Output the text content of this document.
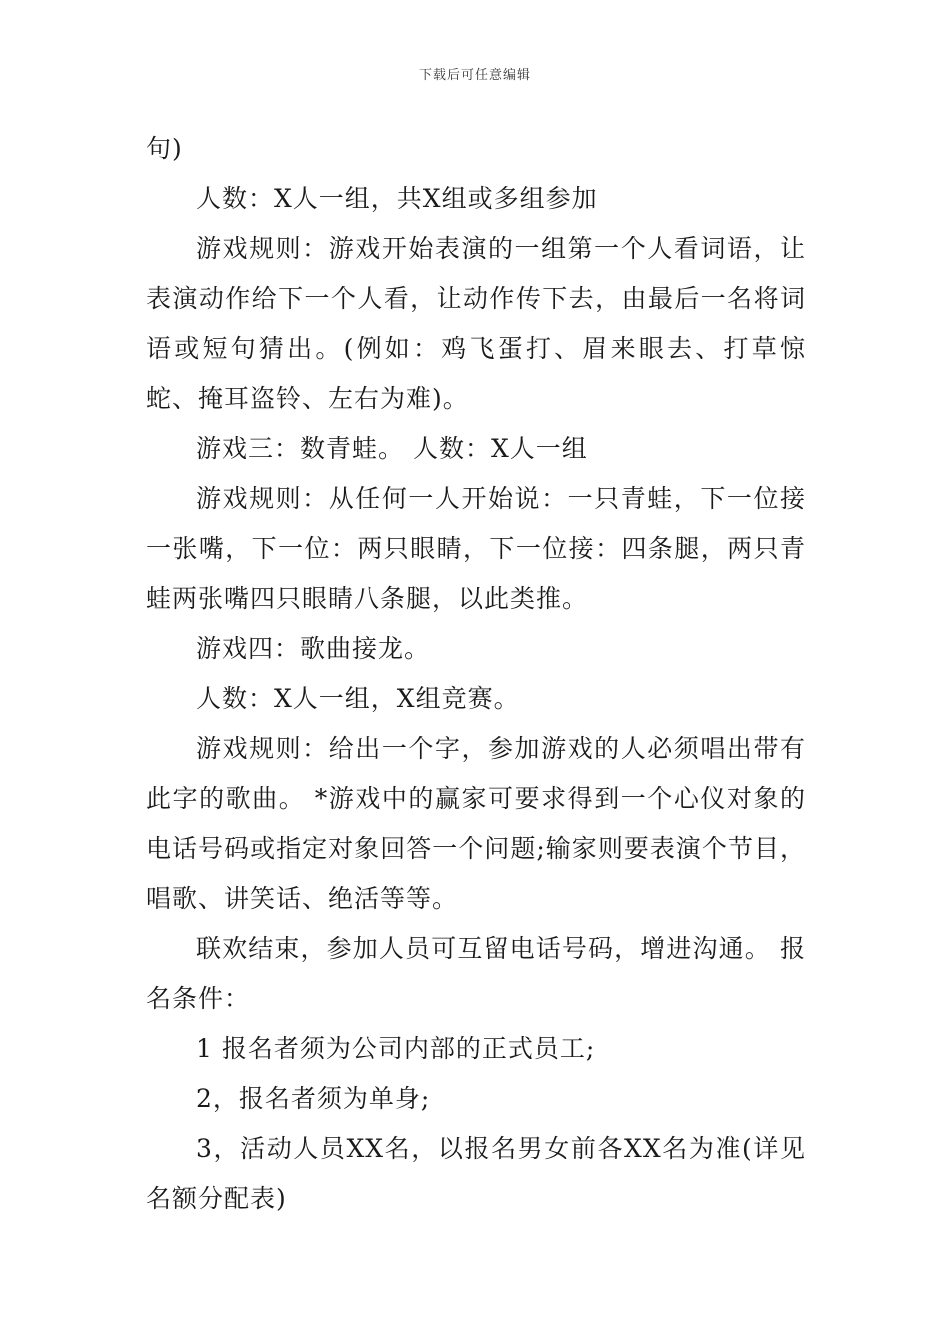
下载后可任意编辑

句)

人数：X人一组，共X组或多组参加

游戏规则：游戏开始表演的一组第一个人看词语，让表演动作给下一个人看，让动作传下去，由最后一名将词语或短句猜出。(例如：鸡飞蛋打、眉来眼去、打草惊蛇、掩耳盗铃、左右为难)。

游戏三：数青蛙。 人数：X人一组

游戏规则：从任何一人开始说：一只青蛙，下一位接一张嘴，下一位：两只眼睛，下一位接：四条腿，两只青蛙两张嘴四只眼睛八条腿，以此类推。

游戏四：歌曲接龙。

人数：X人一组，X组竞赛。

游戏规则：给出一个字，参加游戏的人必须唱出带有此字的歌曲。 *游戏中的赢家可要求得到一个心仪对象的电话号码或指定对象回答一个问题;输家则要表演个节目，唱歌、讲笑话、绝活等等。

联欢结束，参加人员可互留电话号码，增进沟通。 报名条件：

1 报名者须为公司内部的正式员工;

2，报名者须为单身;

3，活动人员XX名，以报名男女前各XX名为准(详见名额分配表)
